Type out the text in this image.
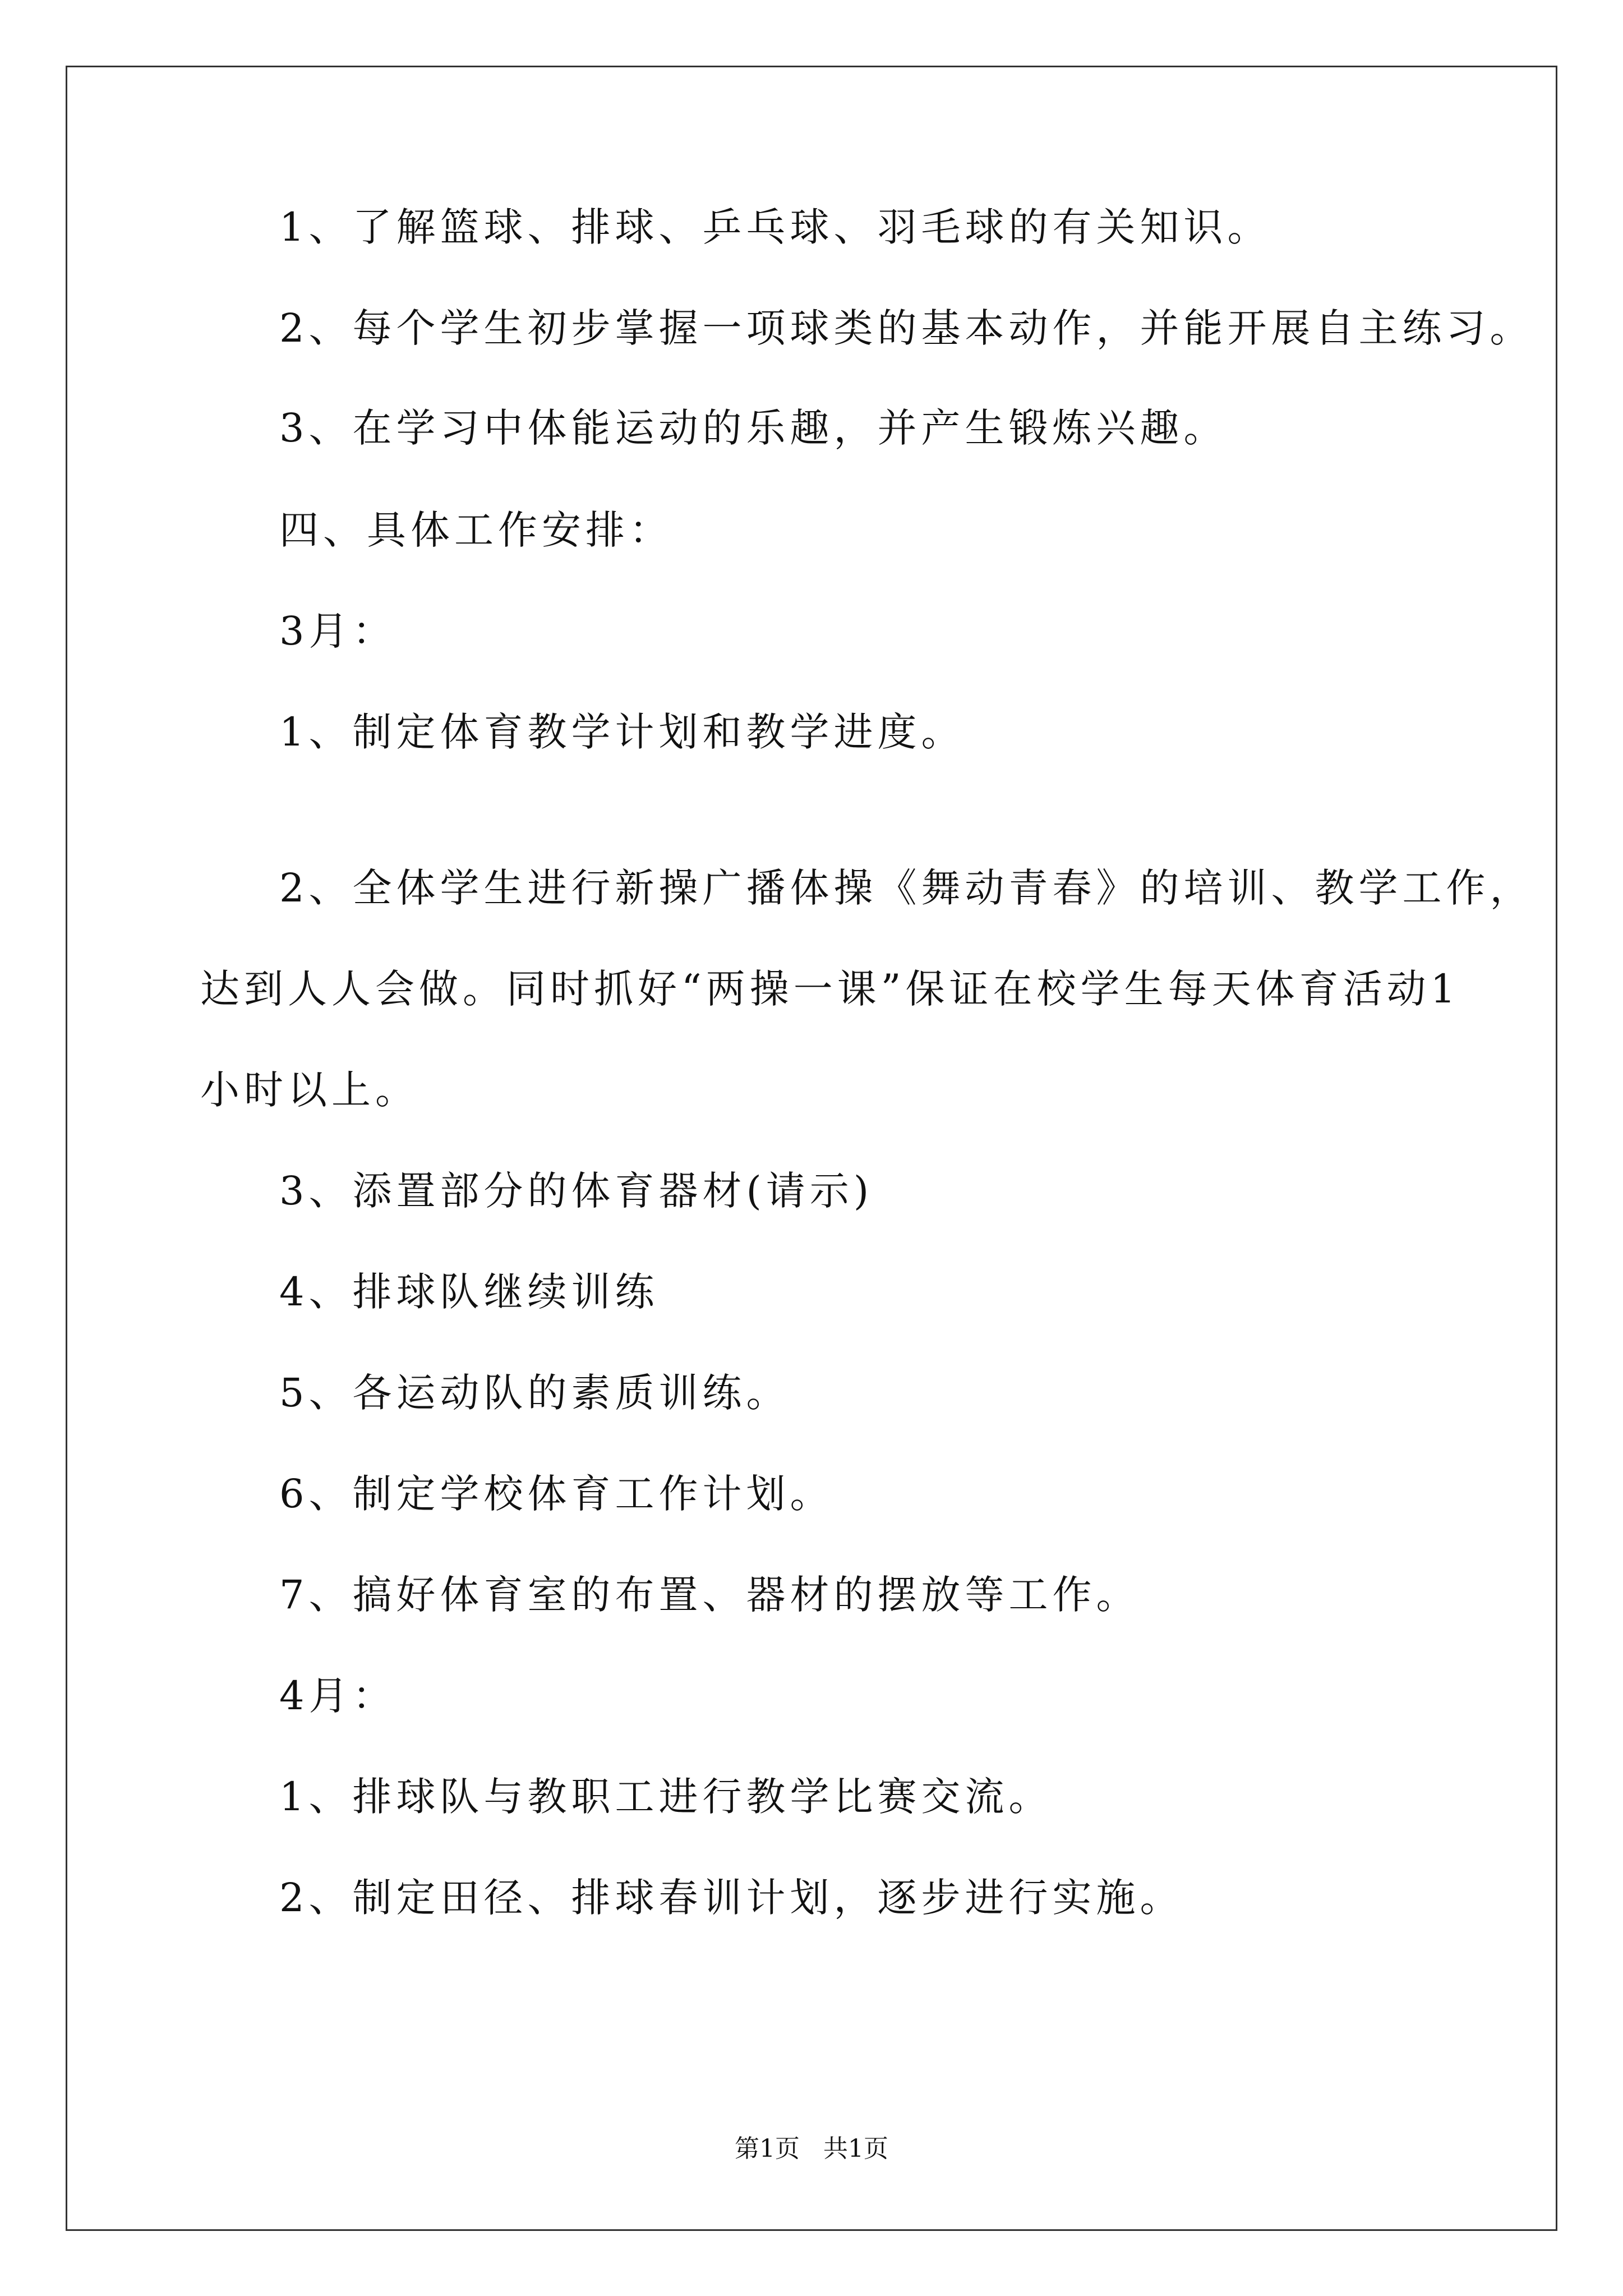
1、了解篮球、排球、乒乓球、羽毛球的有关知识。
2、每个学生初步掌握一项球类的基本动作，并能开展自主练习。
3、在学习中体能运动的乐趣，并产生锻炼兴趣。
四、具体工作安排：
3月：
1、制定体育教学计划和教学进度。
2、全体学生进行新操广播体操《舞动青春》的培训、教学工作，
达到人人会做。同时抓好“两操一课”保证在校学生每天体育活动1
小时以上。
3、添置部分的体育器材(请示)
4、排球队继续训练
5、各运动队的素质训练。
6、制定学校体育工作计划。
7、搞好体育室的布置、器材的摆放等工作。
4月：
1、排球队与教职工进行教学比赛交流。
2、制定田径、排球春训计划，逐步进行实施。
第1页   共1页
